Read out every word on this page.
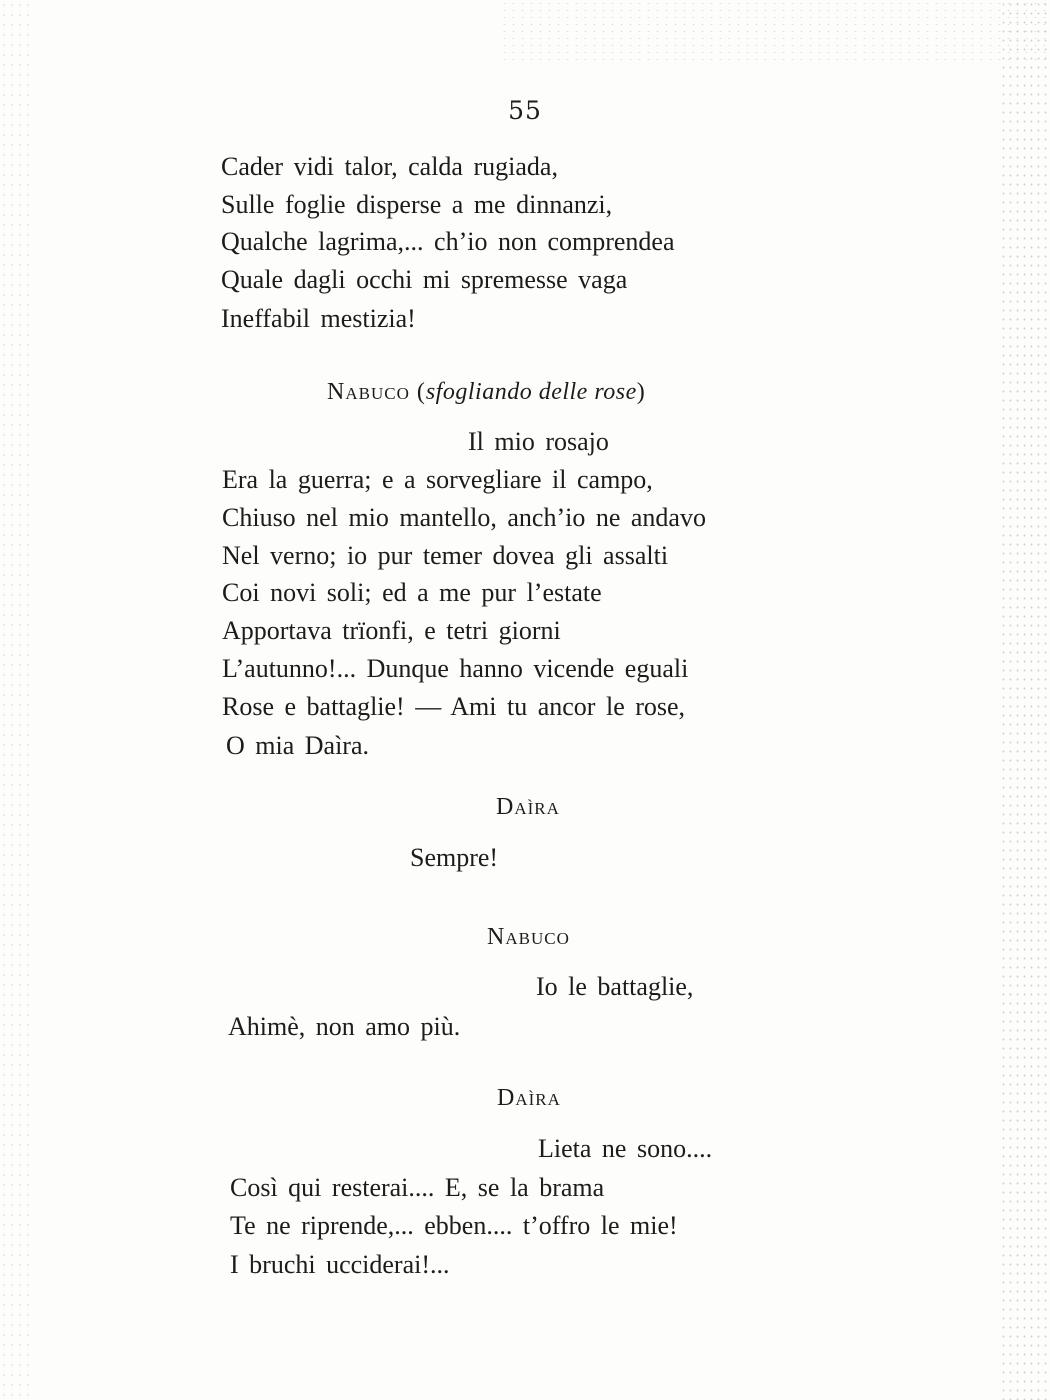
55
Cader vidi talor, calda rugiada,
Sulle foglie disperse a me dinnanzi,
Qualche lagrima,... ch’io non comprendea
Quale dagli occhi mi spremesse vaga
Ineffabil mestizia!
Nabuco (sfogliando delle rose)
Il mio rosajo
Era la guerra; e a sorvegliare il campo,
Chiuso nel mio mantello, anch’io ne andavo
Nel verno; io pur temer dovea gli assalti
Coi novi soli; ed a me pur l’estate
Apportava trïonfi, e tetri giorni
L’autunno!... Dunque hanno vicende eguali
Rose e battaglie! — Ami tu ancor le rose,
O mia Daìra.
Daìra
Sempre!
Nabuco
Io le battaglie,
Ahimè, non amo più.
Daìra
Lieta ne sono....
Così qui resterai.... E, se la brama
Te ne riprende,... ebben.... t’offro le mie!
I bruchi ucciderai!...
